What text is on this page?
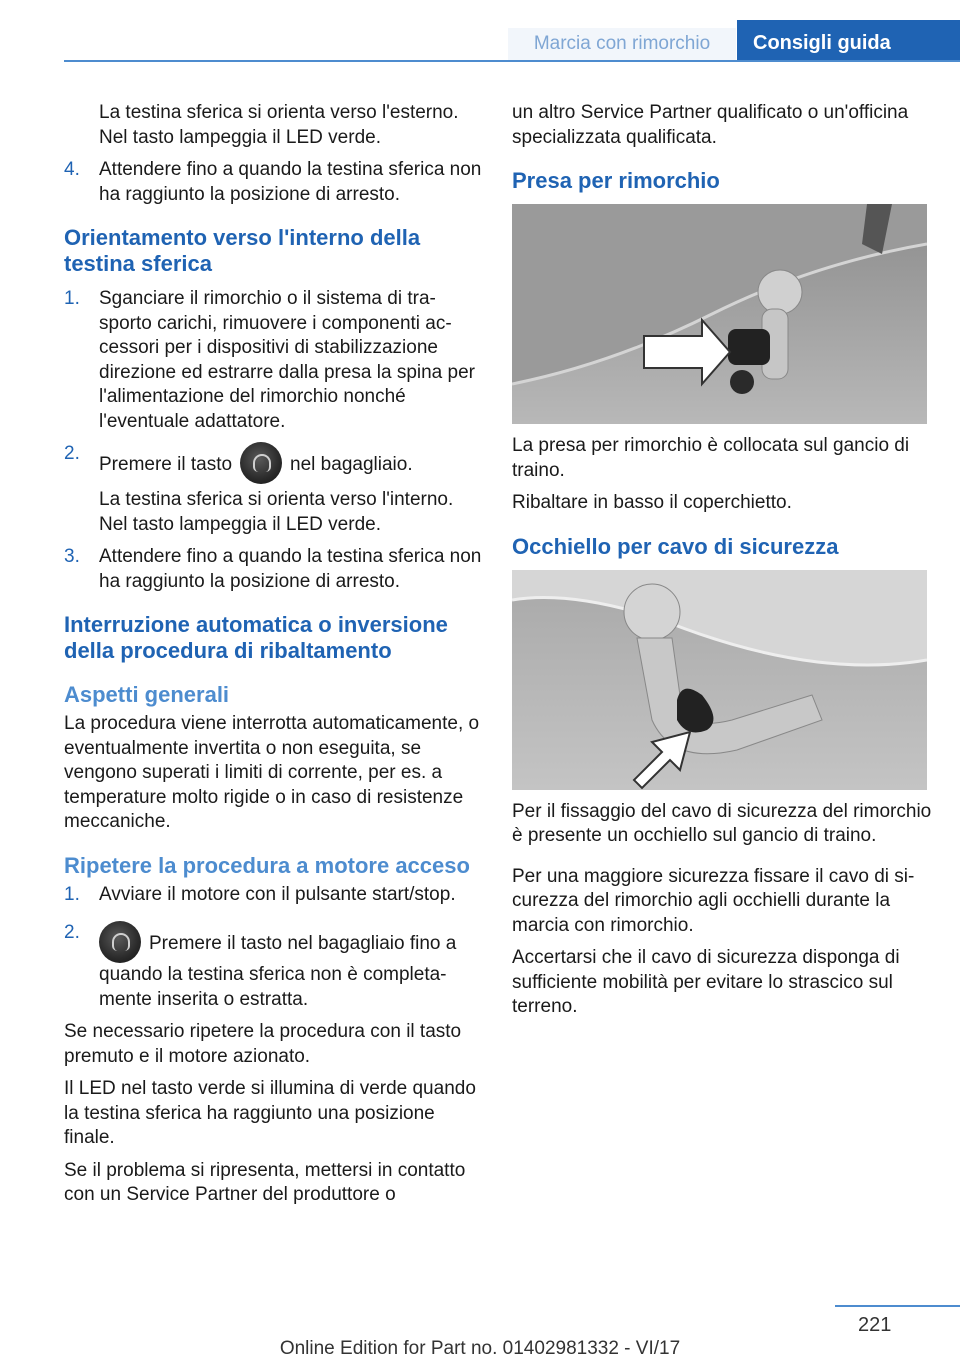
Marcia con rimorchio	Consigli guida

La testina sferica si orienta verso l'esterno. Nel tasto lampeggia il LED verde.

4. Attendere fino a quando la testina sferica non ha raggiunto la posizione di arresto.
Orientamento verso l'interno della testina sferica
1. Sganciare il rimorchio o il sistema di trasporto carichi, rimuovere i componenti accessori per i dispositivi di stabilizzazione direzione ed estrarre dalla presa la spina per l'alimentazione del rimorchio nonché l'eventuale adattatore.
2.
Premere il tasto	nel bagagliaio.

La testina sferica si orienta verso l'interno. Nel tasto lampeggia il LED verde.

3. Attendere fino a quando la testina sferica non ha raggiunto la posizione di arresto.
Interruzione automatica o inversione della procedura di ribaltamento
Aspetti generali

La procedura viene interrotta automaticamente, o eventualmente invertita o non eseguita, se vengono superati i limiti di corrente, per es. a temperature molto rigide o in caso di resistenze meccaniche.

Ripetere la procedura a motore acceso
1. Avviare il motore con il pulsante start/stop.
2.
Premere il tasto nel bagagliaio fino a quando la testina sferica non è completamente inserita o estratta.

Se necessario ripetere la procedura con il tasto premuto e il motore azionato.

Il LED nel tasto verde si illumina di verde quando la testina sferica ha raggiunto una posizione finale.

Se il problema si ripresenta, mettersi in contatto con un Service Partner del produttore o

un altro Service Partner qualificato o un'officina specializzata qualificata.

Presa per rimorchio

La presa per rimorchio è collocata sul gancio di traino.

Ribaltare in basso il coperchietto.

Occhiello per cavo di sicurezza

Per il fissaggio del cavo di sicurezza del rimorchio è presente un occhiello sul gancio di traino.

Per una maggiore sicurezza fissare il cavo di sicurezza del rimorchio agli occhielli durante la marcia con rimorchio.

Accertarsi che il cavo di sicurezza disponga di sufficiente mobilità per evitare lo strascico sul terreno.

221
Online Edition for Part no. 01402981332 - VI/17
